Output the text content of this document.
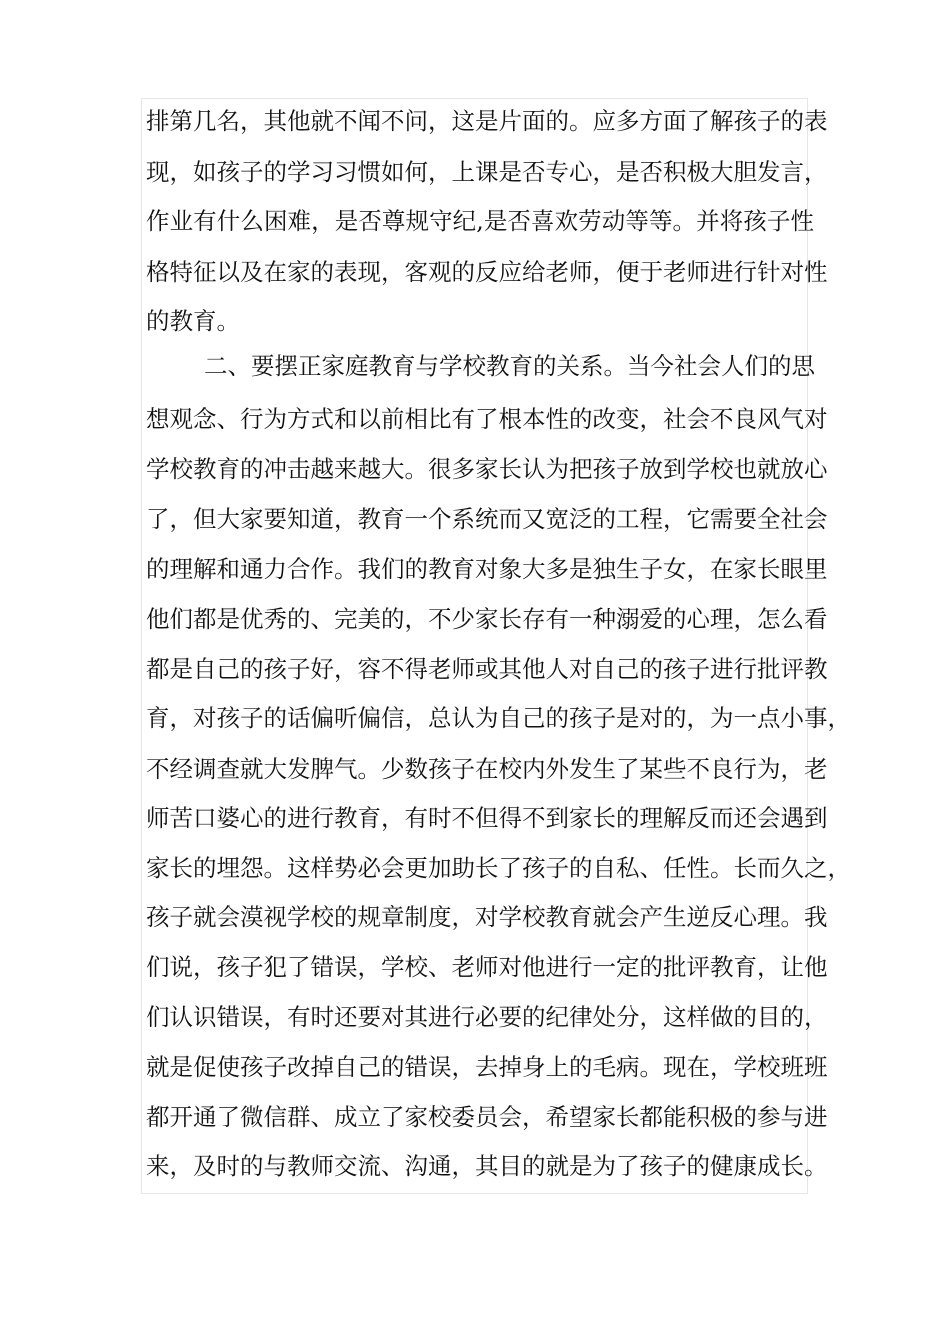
排第几名，其他就不闻不问，这是片面的。应多方面了解孩子的表
现，如孩子的学习习惯如何，上课是否专心，是否积极大胆发言，
作业有什么困难，是否尊规守纪,是否喜欢劳动等等。并将孩子性
格特征以及在家的表现，客观的反应给老师，便于老师进行针对性
的教育。
二、要摆正家庭教育与学校教育的关系。当今社会人们的思
想观念、行为方式和以前相比有了根本性的改变，社会不良风气对
学校教育的冲击越来越大。很多家长认为把孩子放到学校也就放心
了，但大家要知道，教育一个系统而又宽泛的工程，它需要全社会
的理解和通力合作。我们的教育对象大多是独生子女，在家长眼里
他们都是优秀的、完美的，不少家长存有一种溺爱的心理，怎么看
都是自己的孩子好，容不得老师或其他人对自己的孩子进行批评教
育，对孩子的话偏听偏信，总认为自己的孩子是对的，为一点小事，
不经调查就大发脾气。少数孩子在校内外发生了某些不良行为，老
师苦口婆心的进行教育，有时不但得不到家长的理解反而还会遇到
家长的埋怨。这样势必会更加助长了孩子的自私、任性。长而久之，
孩子就会漠视学校的规章制度，对学校教育就会产生逆反心理。我
们说，孩子犯了错误，学校、老师对他进行一定的批评教育，让他
们认识错误，有时还要对其进行必要的纪律处分，这样做的目的，
就是促使孩子改掉自己的错误，去掉身上的毛病。现在，学校班班
都开通了微信群、成立了家校委员会，希望家长都能积极的参与进
来，及时的与教师交流、沟通，其目的就是为了孩子的健康成长。
